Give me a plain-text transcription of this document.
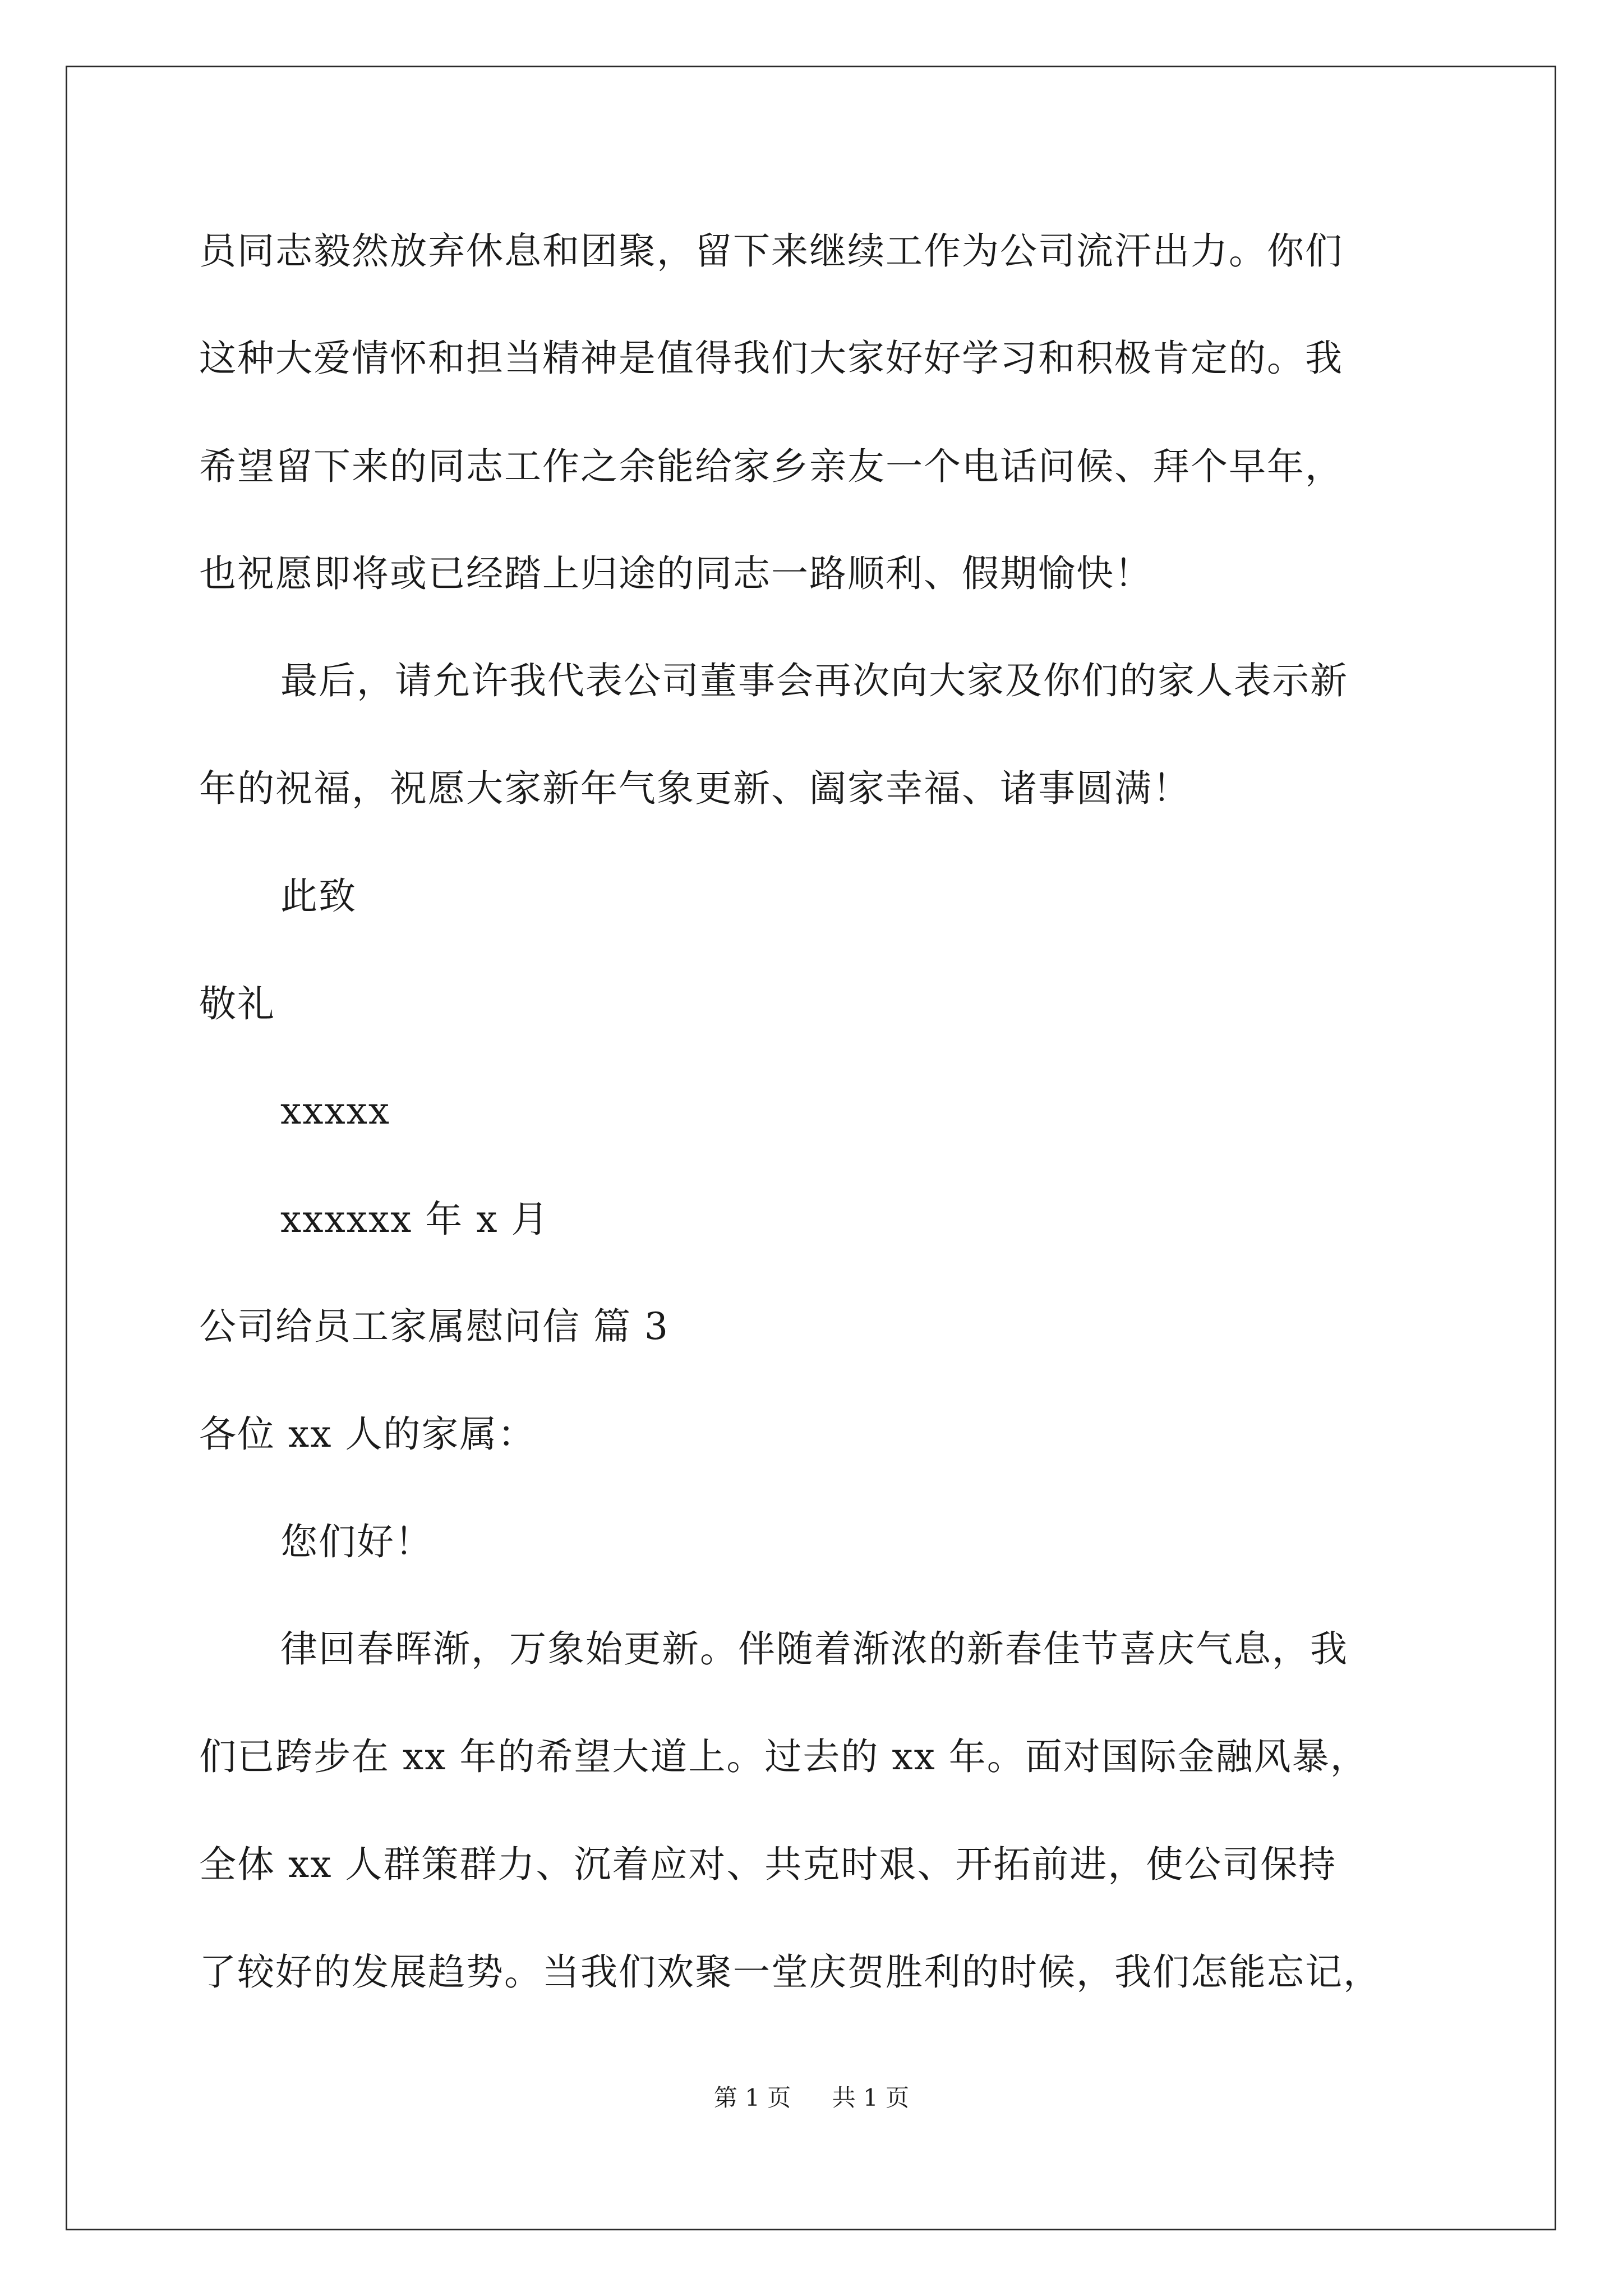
员同志毅然放弃休息和团聚，留下来继续工作为公司流汗出力。你们
这种大爱情怀和担当精神是值得我们大家好好学习和积极肯定的。我
希望留下来的同志工作之余能给家乡亲友一个电话问候、拜个早年，
也祝愿即将或已经踏上归途的同志一路顺利、假期愉快！
最后，请允许我代表公司董事会再次向大家及你们的家人表示新
年的祝福，祝愿大家新年气象更新、阖家幸福、诸事圆满！
此致
敬礼
xxxxx
xxxxxx 年 x 月
公司给员工家属慰问信 篇 3
各位 xx 人的家属：
您们好！
律回春晖渐，万象始更新。伴随着渐浓的新春佳节喜庆气息，我
们已跨步在 xx 年的希望大道上。过去的 xx 年。面对国际金融风暴，
全体 xx 人群策群力、沉着应对、共克时艰、开拓前进，使公司保持
了较好的发展趋势。当我们欢聚一堂庆贺胜利的时候，我们怎能忘记，
第 1 页 共 1 页
